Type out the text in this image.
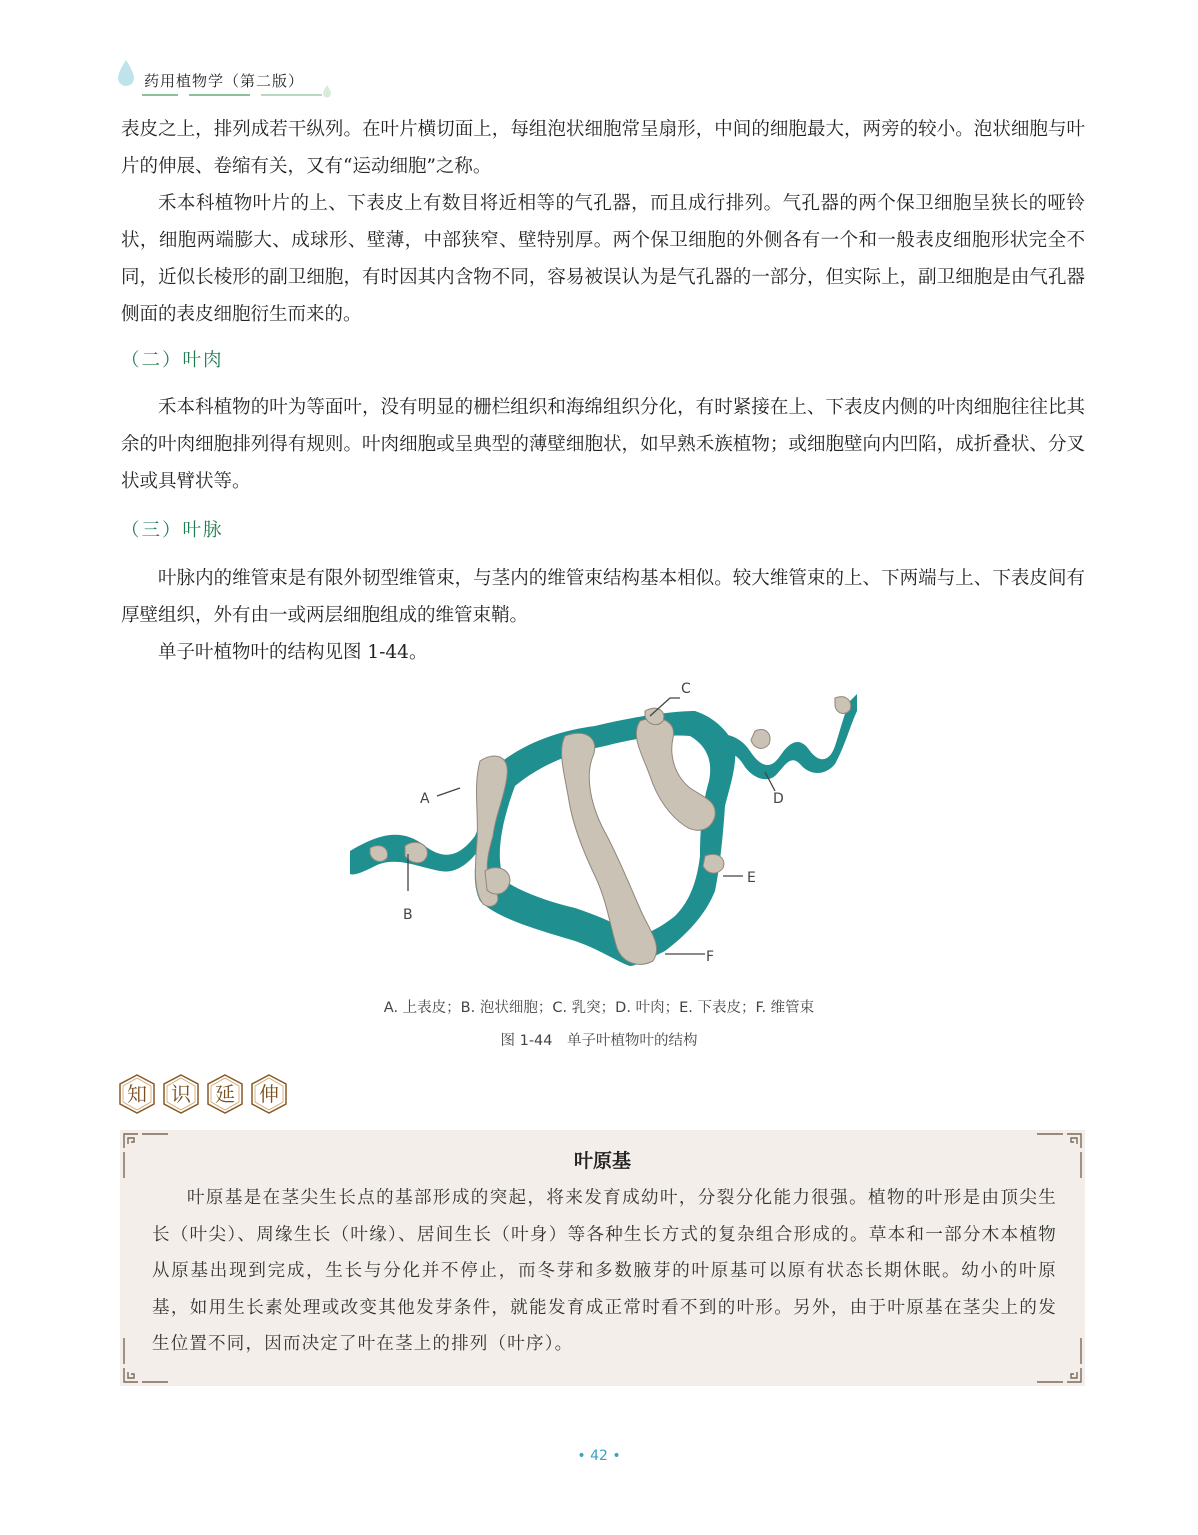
药用植物学（第二版）

表皮之上，排列成若干纵列。在叶片横切面上，每组泡状细胞常呈扇形，中间的细胞最大，两旁的较小。泡状细胞与叶片的伸展、卷缩有关，又有“运动细胞”之称。

禾本科植物叶片的上、下表皮上有数目将近相等的气孔器，而且成行排列。气孔器的两个保卫细胞呈狭长的哑铃状，细胞两端膨大、成球形、壁薄，中部狭窄、壁特别厚。两个保卫细胞的外侧各有一个和一般表皮细胞形状完全不同，近似长棱形的副卫细胞，有时因其内含物不同，容易被误认为是气孔器的一部分，但实际上，副卫细胞是由气孔器侧面的表皮细胞衍生而来的。

（二）叶肉

禾本科植物的叶为等面叶，没有明显的栅栏组织和海绵组织分化，有时紧接在上、下表皮内侧的叶肉细胞往往比其余的叶肉细胞排列得有规则。叶肉细胞或呈典型的薄壁细胞状，如早熟禾族植物；或细胞壁向内凹陷，成折叠状、分叉状或具臂状等。

（三）叶脉

叶脉内的维管束是有限外韧型维管束，与茎内的维管束结构基本相似。较大维管束的上、下两端与上、下表皮间有厚壁组织，外有由一或两层细胞组成的维管束鞘。

单子叶植物叶的结构见图 1-44。

A
B
C
D
E
F
A. 上表皮；B. 泡状细胞；C. 乳突；D. 叶肉；E. 下表皮；F. 维管束
图 1-44　单子叶植物叶的结构
知	识	延	伸
叶原基

叶原基是在茎尖生长点的基部形成的突起，将来发育成幼叶，分裂分化能力很强。植物的叶形是由顶尖生长（叶尖）、周缘生长（叶缘）、居间生长（叶身）等各种生长方式的复杂组合形成的。草本和一部分木本植物从原基出现到完成，生长与分化并不停止，而冬芽和多数腋芽的叶原基可以原有状态长期休眠。幼小的叶原基，如用生长素处理或改变其他发芽条件，就能发育成正常时看不到的叶形。另外，由于叶原基在茎尖上的发生位置不同，因而决定了叶在茎上的排列（叶序）。

• 42 •
